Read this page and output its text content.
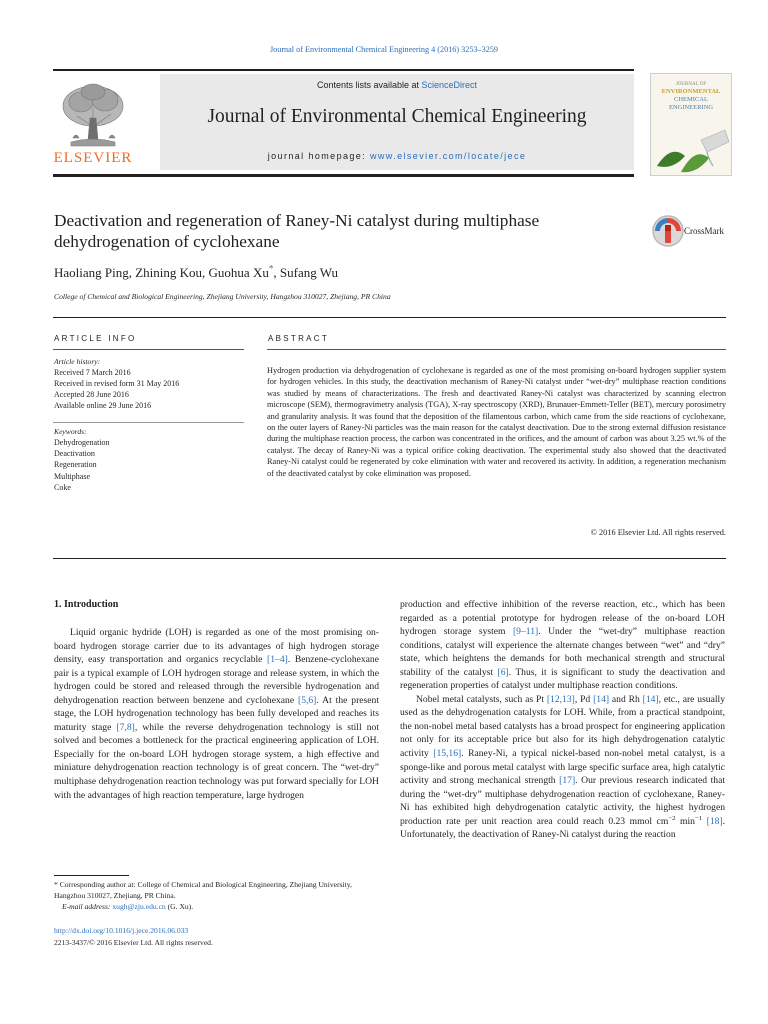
Journal of Environmental Chemical Engineering 4 (2016) 3253–3259
Contents lists available at ScienceDirect
Journal of Environmental Chemical Engineering
journal homepage: www.elsevier.com/locate/jece
ELSEVIER
JOURNAL OF
ENVIRONMENTAL
CHEMICAL
ENGINEERING
Deactivation and regeneration of Raney-Ni catalyst during multiphase
dehydrogenation of cyclohexane
CrossMark
Haoliang Ping, Zhining Kou, Guohua Xu*, Sufang Wu
College of Chemical and Biological Engineering, Zhejiang University, Hangzhou 310027, Zhejiang, PR China
ARTICLE INFO	ABSTRACT
Article history:
Received 7 March 2016
Received in revised form 31 May 2016
Accepted 28 June 2016
Available online 29 June 2016
Keywords:
Dehydrogenation
Deactivation
Regeneration
Multiphase
Coke
Hydrogen production via dehydrogenation of cyclohexane is regarded as one of the most promising on-board hydrogen supplier system for hydrogen vehicles. In this study, the deactivation mechanism of Raney-Ni catalyst under “wet-dry” multiphase reaction conditions was studied by means of characterizations. The fresh and deactivated Raney-Ni catalyst was characterized by scanning electron microscope (SEM), thermogravimetry analysis (TGA), X-ray spectroscopy (XRD), Brunauer-Emmett-Teller (BET), mercury porosimetry and granularity analysis. It was found that the deposition of the filamentous carbon, which came from the side reactions of cyclohexane, on the outer layers of Raney-Ni particles was the main reason for the catalyst deactivation. Due to the strong external diffusion resistance during the multiphase reaction process, the carbon was concentrated in the orifices, and the amount of carbon was about 3.25 wt.% of the catalyst. The decay of Raney-Ni was a typical orifice coking deactivation. The experimental study also showed that the deactivated Raney-Ni catalyst could be regenerated by coke elimination with water and recovered its activity. In addition, a regeneration mechanism of the deactivated catalyst by coke elimination was proposed.
© 2016 Elsevier Ltd. All rights reserved.
1. Introduction

Liquid organic hydride (LOH) is regarded as one of the most promising on-board hydrogen storage carrier due to its advantages of high hydrogen storage density, easy transportation and organics recyclable [1–4]. Benzene-cyclohexane pair is a typical example of LOH hydrogen storage and release system, in which the hydrogen could be stored and released through the reversible hydrogenation and dehydrogenation reaction between benzene and cyclohexane [5,6]. At the present stage, the LOH hydrogenation technology has been fully developed and reaches its maturity stage [7,8], while the reverse dehydrogenation technology is still not solved and becomes a bottleneck for the practical engineering application of LOH. Especially for the on-board LOH hydrogen storage system, a high effective and miniature dehydrogenation reaction technology is of great concern. The “wet-dry” multiphase dehydrogenation reaction technology was put forward specially for LOH with the advantages of high reaction temperature, large hydrogen

production and effective inhibition of the reverse reaction, etc., which has been regarded as a potential prototype for hydrogen release of the on-board LOH hydrogen storage system [9–11]. Under the “wet-dry” multiphase reaction conditions, catalyst will experience the alternate changes between “wet” and “dry” state, which heightens the demands for both mechanical strength and structural stability of the catalyst [6]. Thus, it is significant to study the deactivation and regeneration properties of catalyst under multiphase reaction conditions.

Nobel metal catalysts, such as Pt [12,13], Pd [14] and Rh [14], etc., are usually used as the dehydrogenation catalysts for LOH. While, from a practical standpoint, the non-nobel metal based catalysts has a broad prospect for engineering application not only for its acceptable price but also for its high dehydrogenation catalytic activity [15,16]. Raney-Ni, a typical nickel-based non-nobel metal catalyst, is a sponge-like and porous metal catalyst with large specific surface area, high catalytic activity and strong mechanical strength [17]. Our previous research indicated that during the “wet-dry” multiphase dehydrogenation reaction of cyclohexane, Raney-Ni has exhibited high dehydrogenation catalytic activity, the highest hydrogen production rate per unit reaction area could reach 0.23 mmol $cm^{-2}$ $\min^{-1} [18]$. Unfortunately, the deactivation of Raney-Ni catalyst during the reaction

* Corresponding author at: College of Chemical and Biological Engineering, Zhejiang University, Hangzhou 310027, Zhejiang, PR China.
E-mail address: xugh@zju.edu.cn (G. Xu).
http://dx.doi.org/10.1016/j.jece.2016.06.033
2213-3437/© 2016 Elsevier Ltd. All rights reserved.
